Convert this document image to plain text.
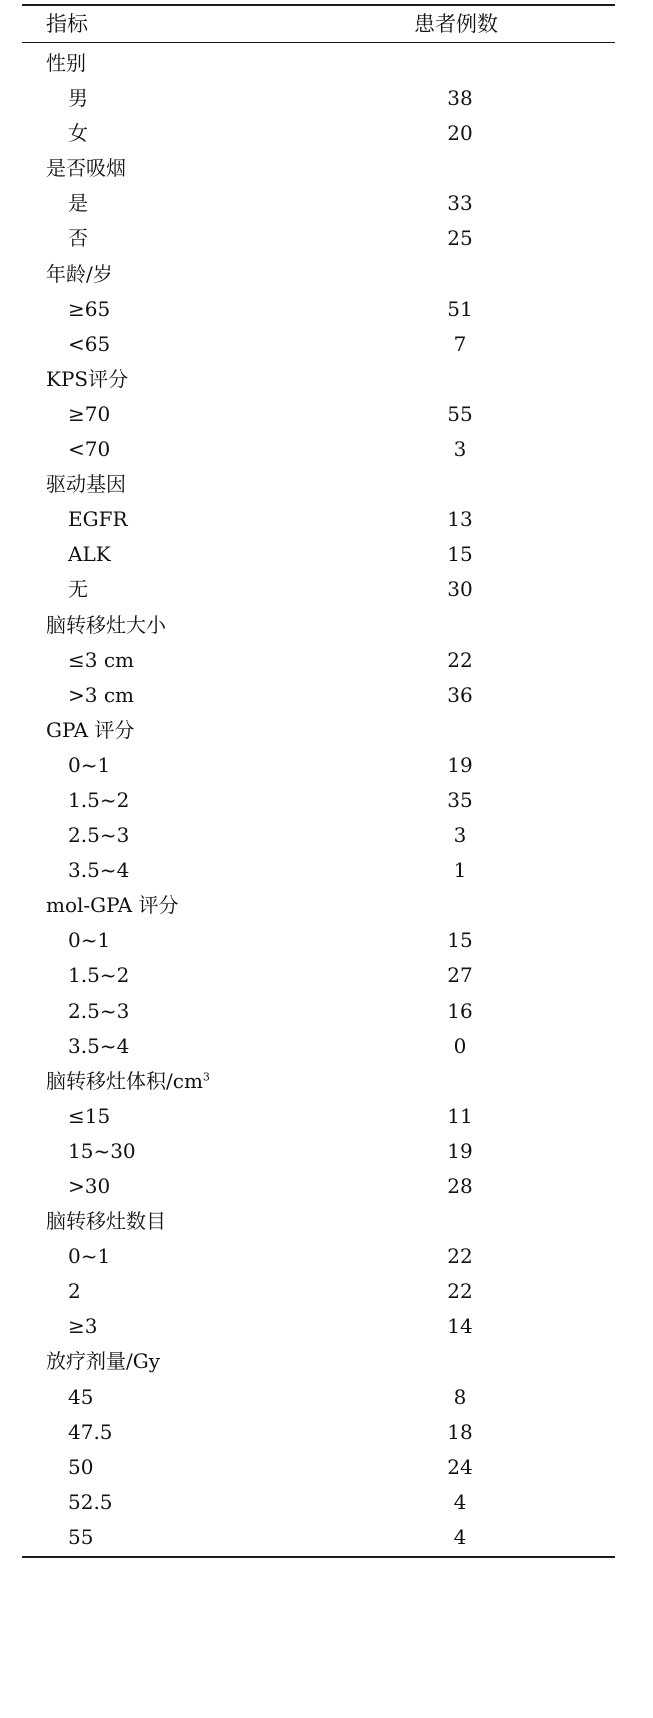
指标	患者例数
性别
男	38
女	20
是否吸烟
是	33
否	25
年龄/岁
≥65	51
<65	7
KPS评分
≥70	55
<70	3
驱动基因
EGFR	13
ALK	15
无	30
脑转移灶大小
≤3 cm	22
>3 cm	36
GPA 评分
0~1	19
1.5~2	35
2.5~3	3
3.5~4	1
mol-GPA 评分
0~1	15
1.5~2	27
2.5~3	16
3.5~4	0
脑转移灶体积$/cm^3$
≤15	11
15~30	19
>30	28
脑转移灶数目
0~1	22
2	22
≥3	14
放疗剂量/Gy
45	8
47.5	18
50	24
52.5	4
55	4
